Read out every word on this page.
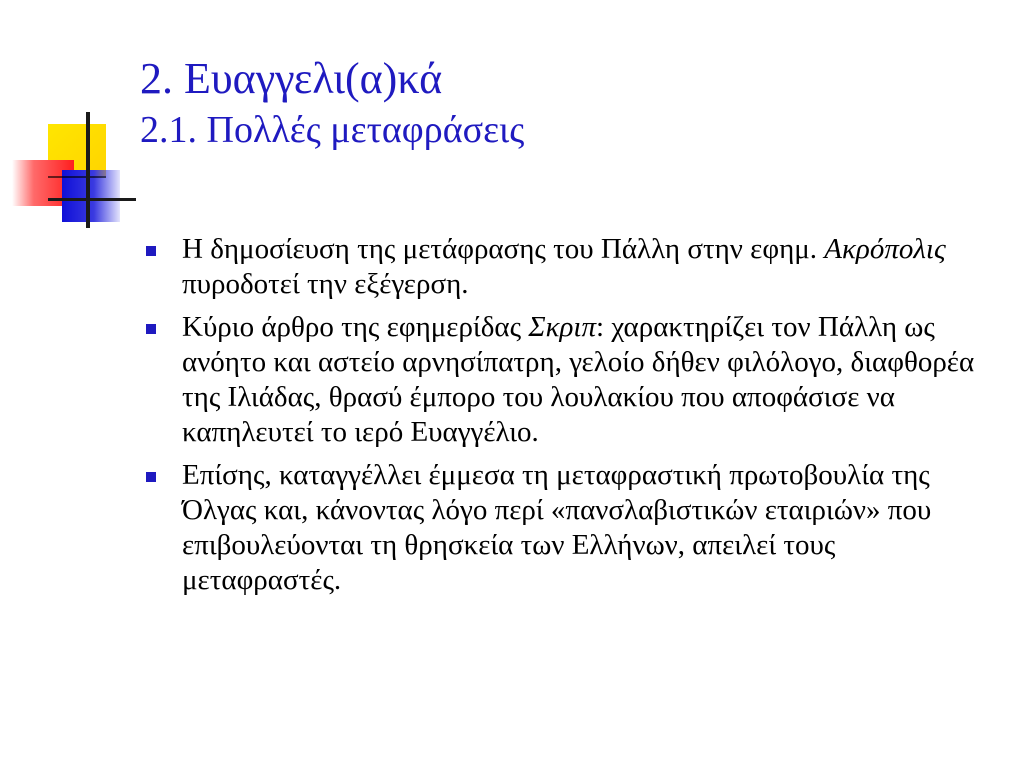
2. Ευαγγελι(α)κά
2.1. Πολλές μεταφράσεις
Η δημοσίευση της μετάφρασης του Πάλλη στην εφημ. Ακρόπολις πυροδοτεί την εξέγερση.
Κύριο άρθρο της εφημερίδας Σκριπ: χαρακτηρίζει τον Πάλλη ως ανόητο και αστείο αρνησίπατρη, γελοίο δήθεν φιλόλογο, διαφθορέα της Ιλιάδας, θρασύ έμπορο του λουλακίου που αποφάσισε να καπηλευτεί το ιερό Ευαγγέλιο.
Επίσης, καταγγέλλει έμμεσα τη μεταφραστική πρωτοβουλία της Όλγας και, κάνοντας λόγο περί «πανσλαβιστικών εταιριών» που επιβουλεύονται τη θρησκεία των Ελλήνων, απειλεί τους μεταφραστές.
